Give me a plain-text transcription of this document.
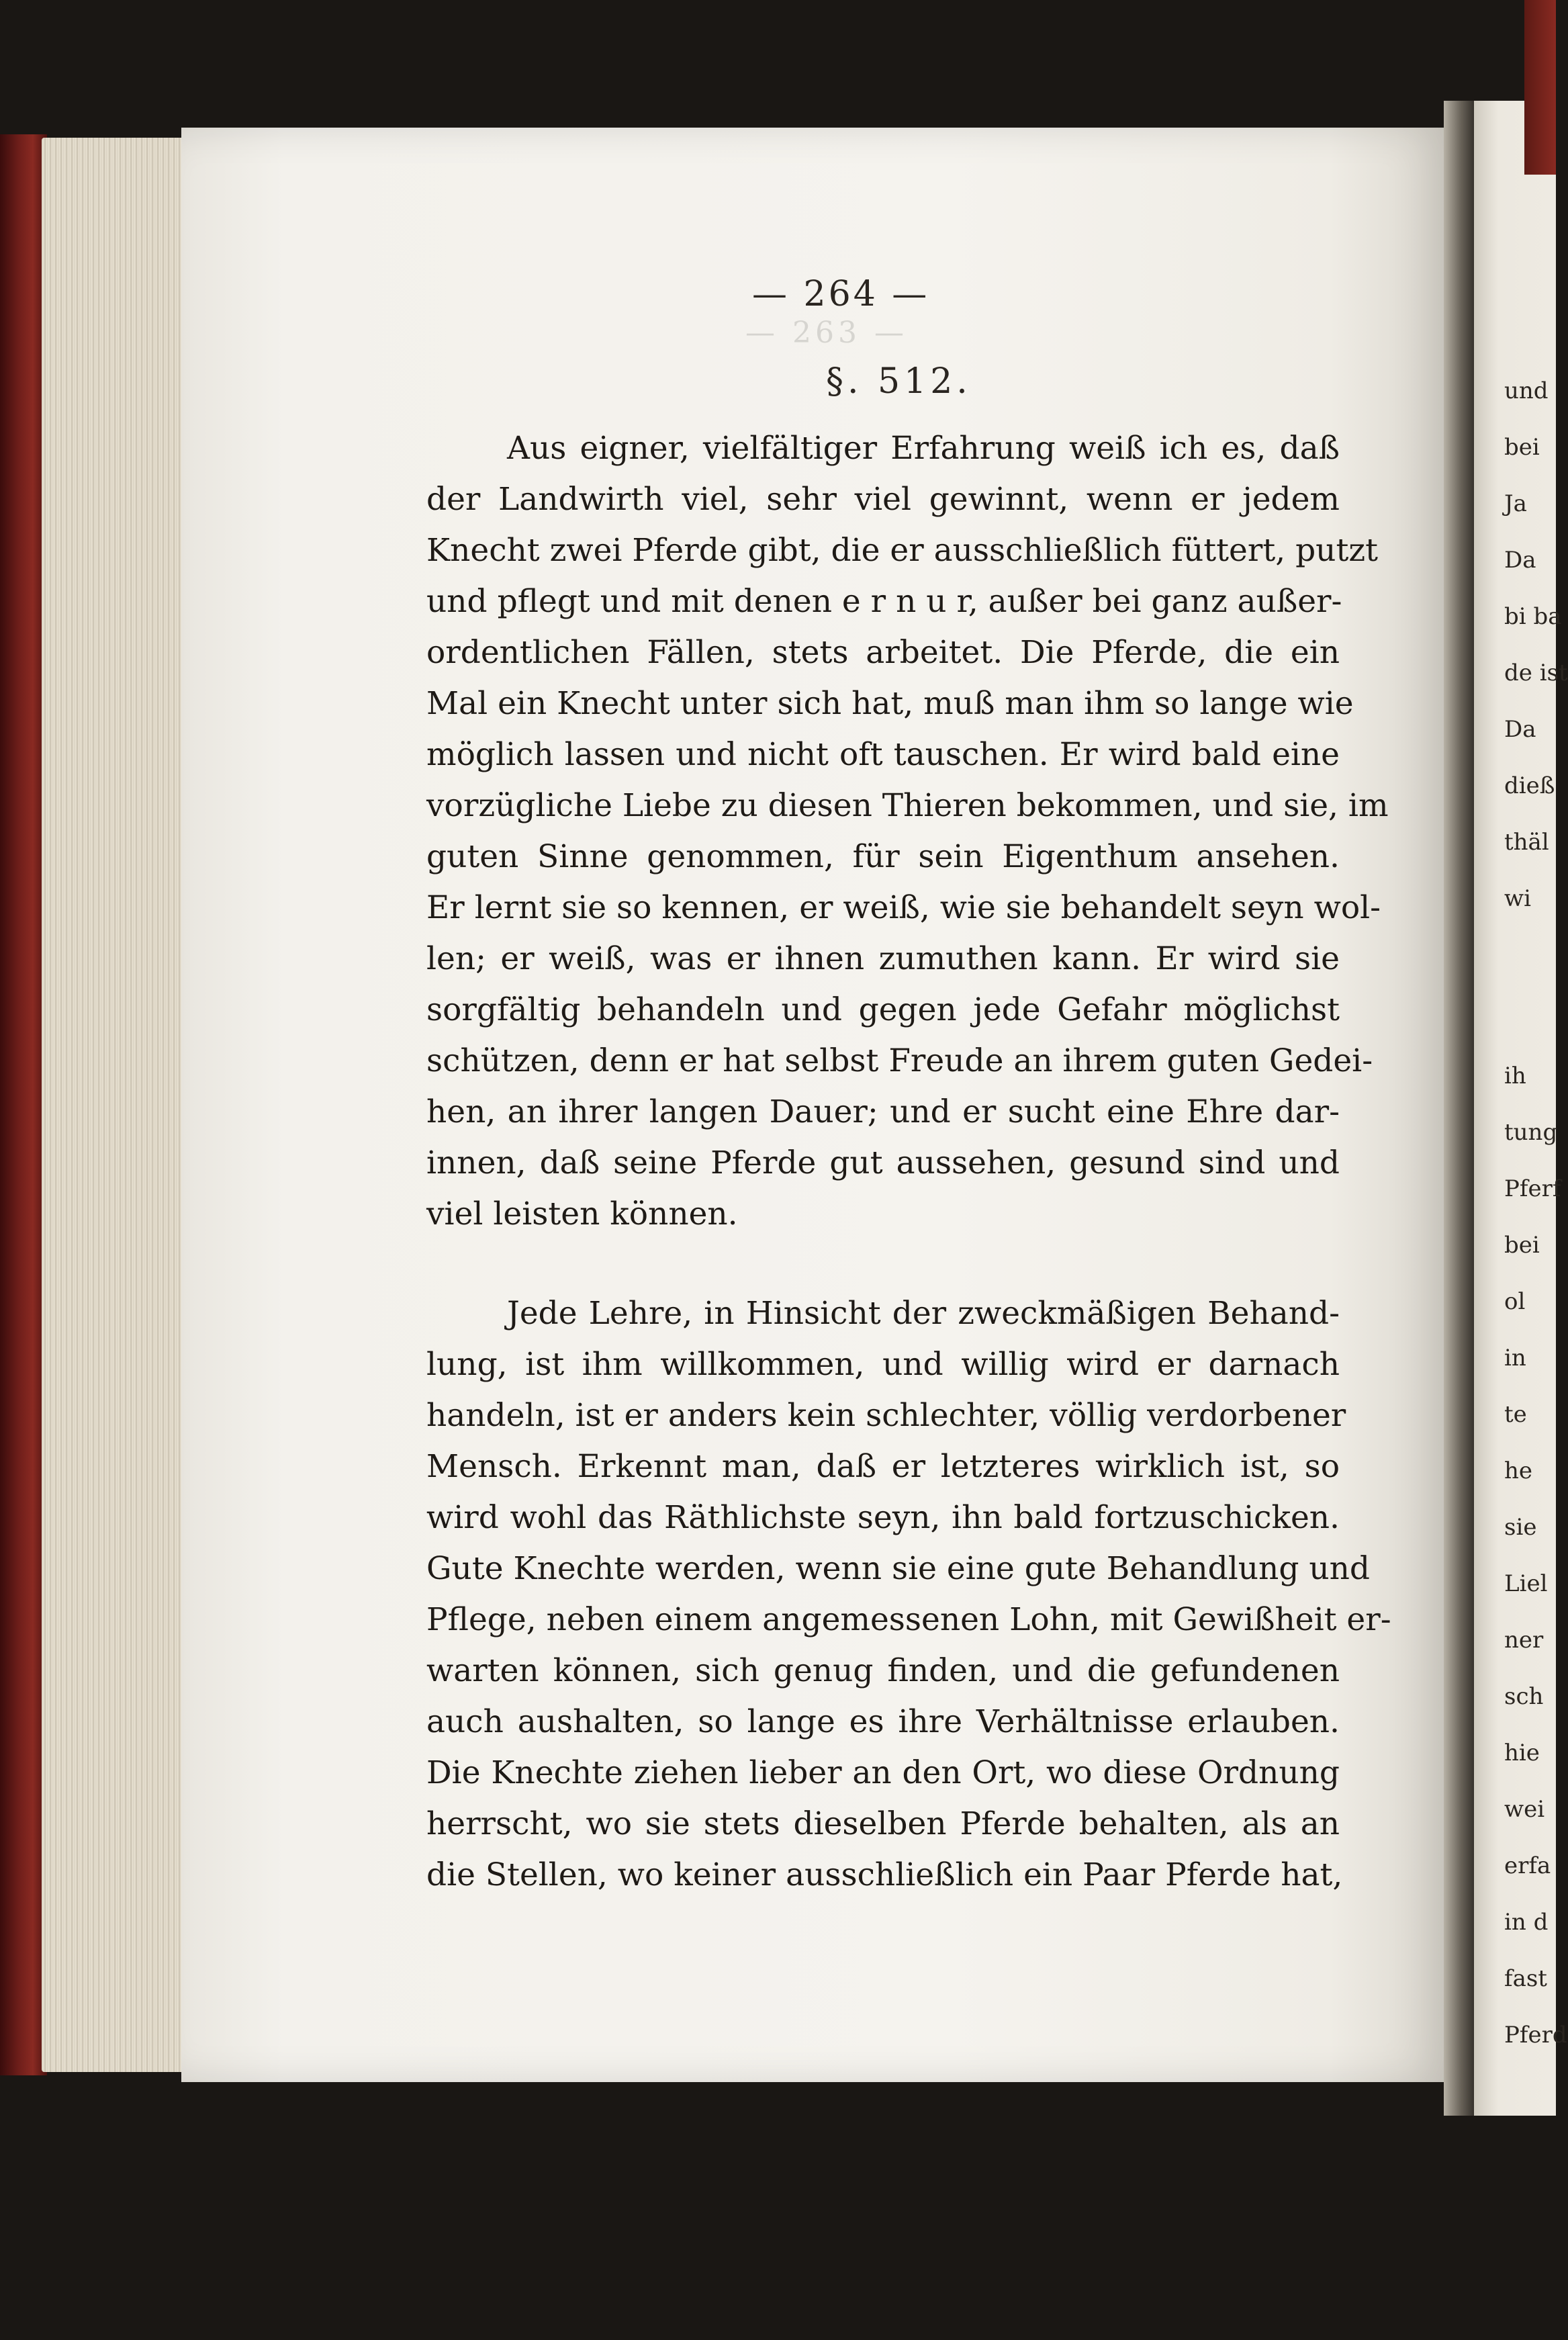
— 263 —
— 264 —
§. 512.
Aus eigner, vielfältiger Erfahrung weiß ich es, daß
der Landwirth viel, sehr viel gewinnt, wenn er jedem
Knecht zwei Pferde gibt, die er ausschließlich füttert, putzt
und pflegt und mit denen e r n u r, außer bei ganz außer-
ordentlichen Fällen, stets arbeitet. Die Pferde, die ein
Mal ein Knecht unter sich hat, muß man ihm so lange wie
möglich lassen und nicht oft tauschen. Er wird bald eine
vorzügliche Liebe zu diesen Thieren bekommen, und sie, im
guten Sinne genommen, für sein Eigenthum ansehen.
Er lernt sie so kennen, er weiß, wie sie behandelt seyn wol-
len; er weiß, was er ihnen zumuthen kann. Er wird sie
sorgfältig behandeln und gegen jede Gefahr möglichst
schützen, denn er hat selbst Freude an ihrem guten Gedei-
hen, an ihrer langen Dauer; und er sucht eine Ehre dar-
innen, daß seine Pferde gut aussehen, gesund sind und
viel leisten können.
Jede Lehre, in Hinsicht der zweckmäßigen Behand-
lung, ist ihm willkommen, und willig wird er darnach
handeln, ist er anders kein schlechter, völlig verdorbener
Mensch. Erkennt man, daß er letzteres wirklich ist, so
wird wohl das Räthlichste seyn, ihn bald fortzuschicken.
Gute Knechte werden, wenn sie eine gute Behandlung und
Pflege, neben einem angemessenen Lohn, mit Gewißheit er-
warten können, sich genug finden, und die gefundenen
auch aushalten, so lange es ihre Verhältnisse erlauben.
Die Knechte ziehen lieber an den Ort, wo diese Ordnung
herrscht, wo sie stets dieselben Pferde behalten, als an
die Stellen, wo keiner ausschließlich ein Paar Pferde hat,
und
bei
Ja
Da
bi ba
de ist
Da
dieß
thäl
wi
ih
tung
Pferf
bei
ol
in
te
he
sie
Liel
ner
sch
hie
wei
erfa
in d
fast
Pferd
